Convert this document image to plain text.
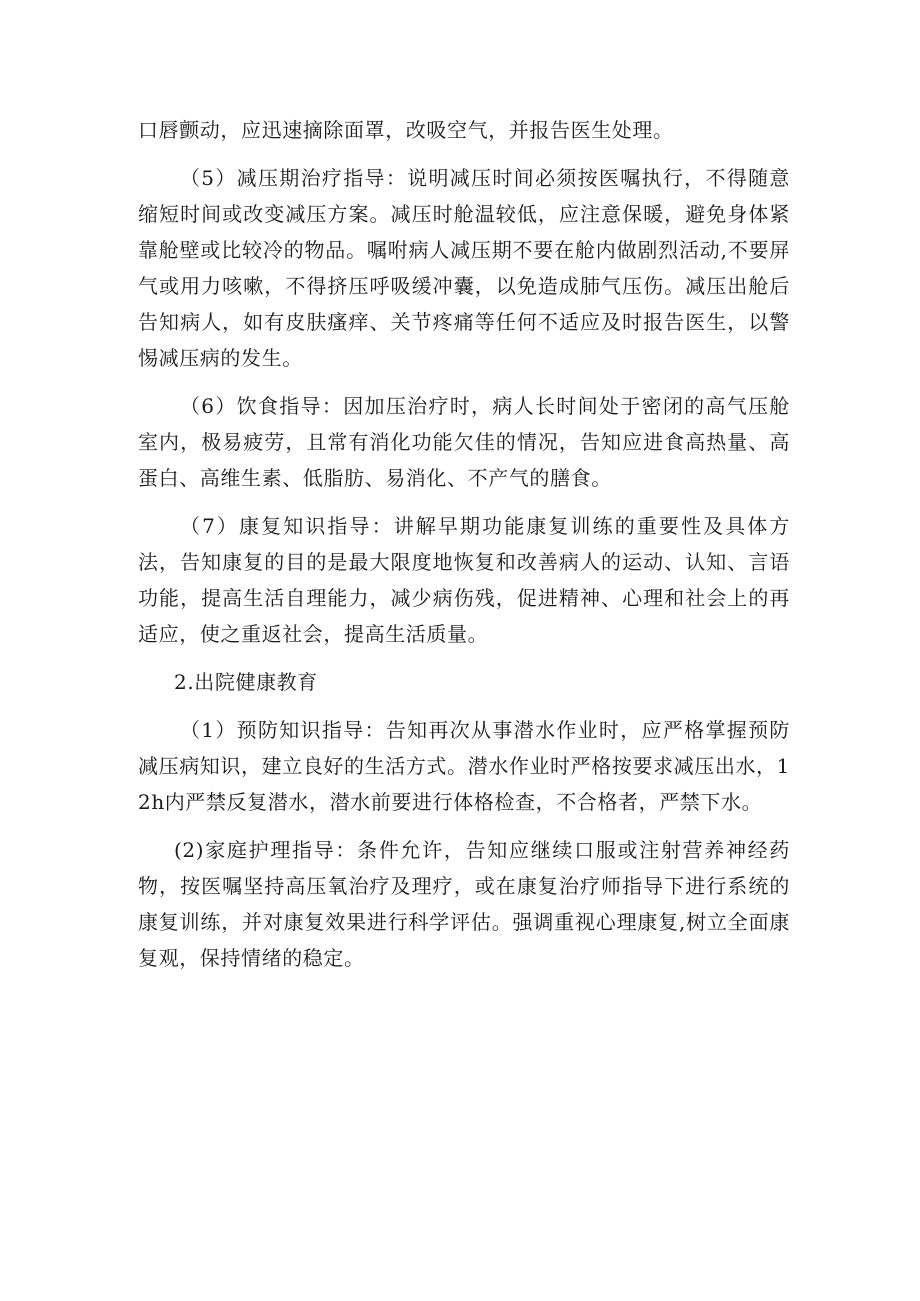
口唇颤动，应迅速摘除面罩，改吸空气，并报告医生处理。

（5）减压期治疗指导：说明减压时间必须按医嘱执行，不得随意缩短时间或改变减压方案。减压时舱温较低，应注意保暖，避免身体紧靠舱壁或比较冷的物品。嘱咐病人减压期不要在舱内做剧烈活动,不要屏气或用力咳嗽，不得挤压呼吸缓冲囊，以免造成肺气压伤。减压出舱后告知病人，如有皮肤瘙痒、关节疼痛等任何不适应及时报告医生，以警惕减压病的发生。

（6）饮食指导：因加压治疗时，病人长时间处于密闭的高气压舱室内，极易疲劳，且常有消化功能欠佳的情况，告知应进食高热量、高蛋白、高维生素、低脂肪、易消化、不产气的膳食。

（7）康复知识指导：讲解早期功能康复训练的重要性及具体方法，告知康复的目的是最大限度地恢复和改善病人的运动、认知、言语功能，提高生活自理能力，减少病伤残，促进精神、心理和社会上的再适应，使之重返社会，提高生活质量。

2.出院健康教育

（1）预防知识指导：告知再次从事潜水作业时，应严格掌握预防减压病知识，建立良好的生活方式。潜水作业时严格按要求减压出水，12h内严禁反复潜水，潜水前要进行体格检查，不合格者，严禁下水。

(2)家庭护理指导：条件允许，告知应继续口服或注射营养神经药物，按医嘱坚持高压氧治疗及理疗，或在康复治疗师指导下进行系统的康复训练，并对康复效果进行科学评估。强调重视心理康复,树立全面康复观，保持情绪的稳定。
